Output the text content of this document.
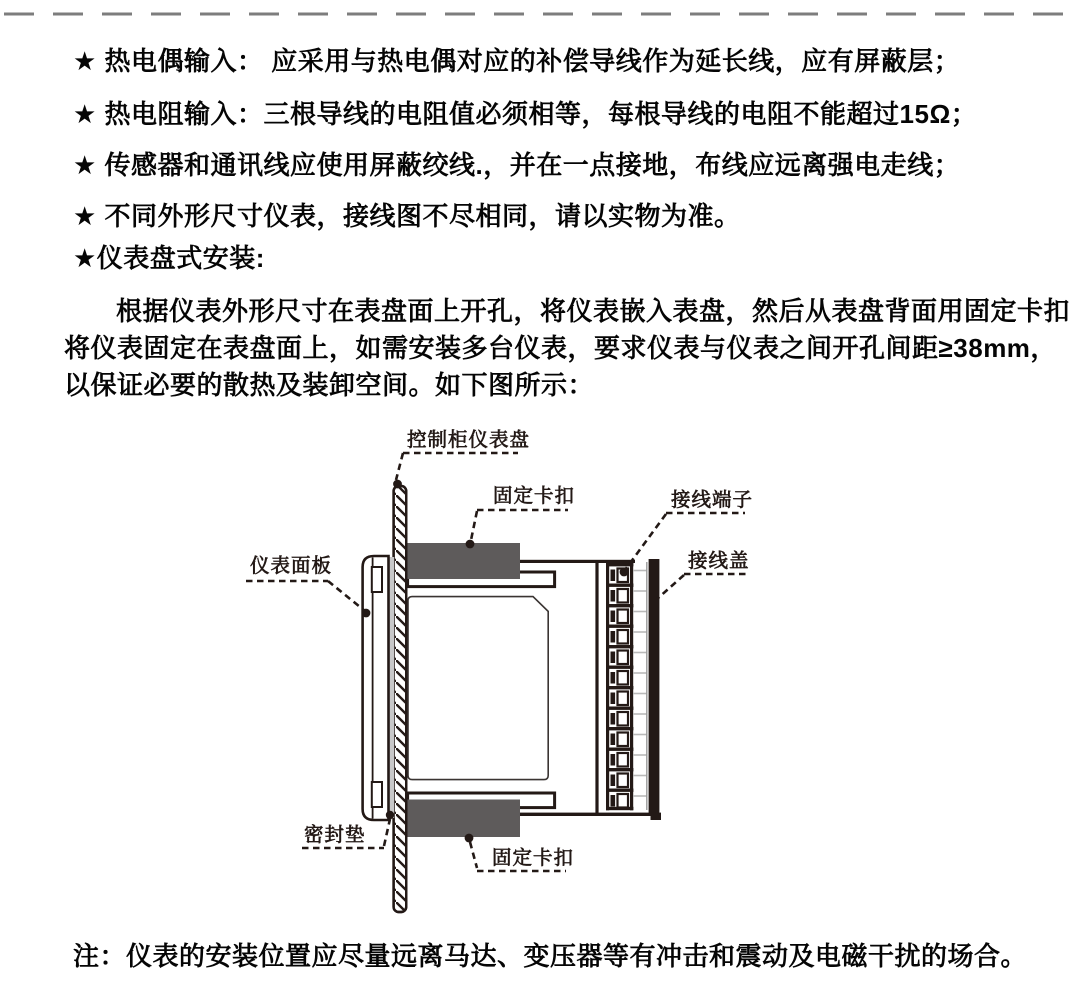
控制柜仪表盘
固定卡扣	接线端子
接线盖
仪表面板
密封垫
固定卡扣
★ 热电偶输入： 应采用与热电偶对应的补偿导线作为延长线，应有屏蔽层；
★ 热电阻输入：三根导线的电阻值必须相等，每根导线的电阻不能超过15Ω；
★ 传感器和通讯线应使用屏蔽绞线.，并在一点接地，布线应远离强电走线；
★ 不同外形尺寸仪表，接线图不尽相同，请以实物为准。
★仪表盘式安装:
根据仪表外形尺寸在表盘面上开孔，将仪表嵌入表盘，然后从表盘背面用固定卡扣
将仪表固定在表盘面上，如需安装多台仪表，要求仪表与仪表之间开孔间距≥38mm，
以保证必要的散热及装卸空间。如下图所示：
注：仪表的安装位置应尽量远离马达、变压器等有冲击和震动及电磁干扰的场合。
